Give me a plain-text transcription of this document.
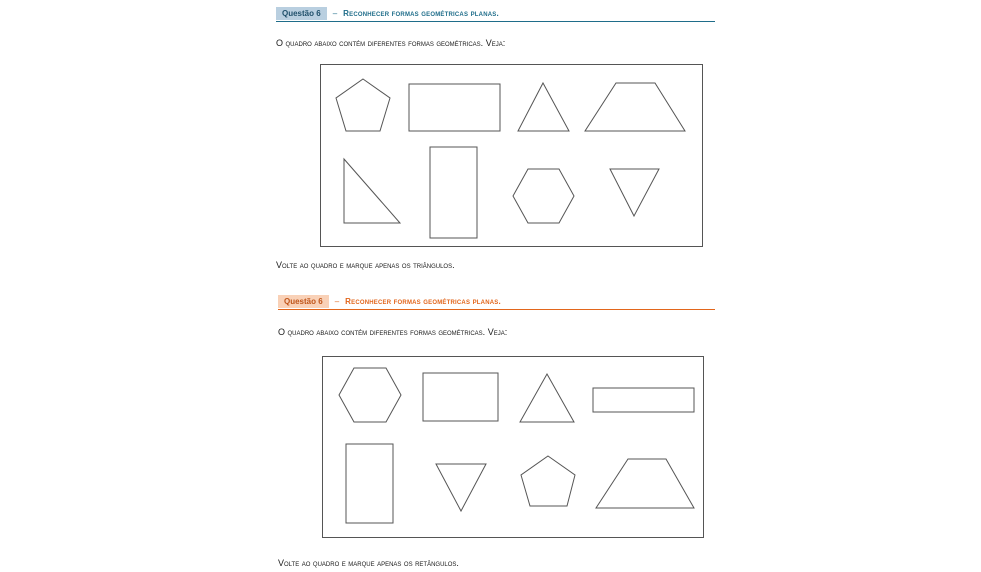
Questão 6	– Reconhecer formas geométricas planas.
O quadro abaixo contém diferentes formas geométricas. Veja:
Volte ao quadro e marque apenas os triângulos.
Questão 6	– Reconhecer formas geométricas planas.
O quadro abaixo contém diferentes formas geométricas. Veja:
Volte ao quadro e marque apenas os retângulos.
